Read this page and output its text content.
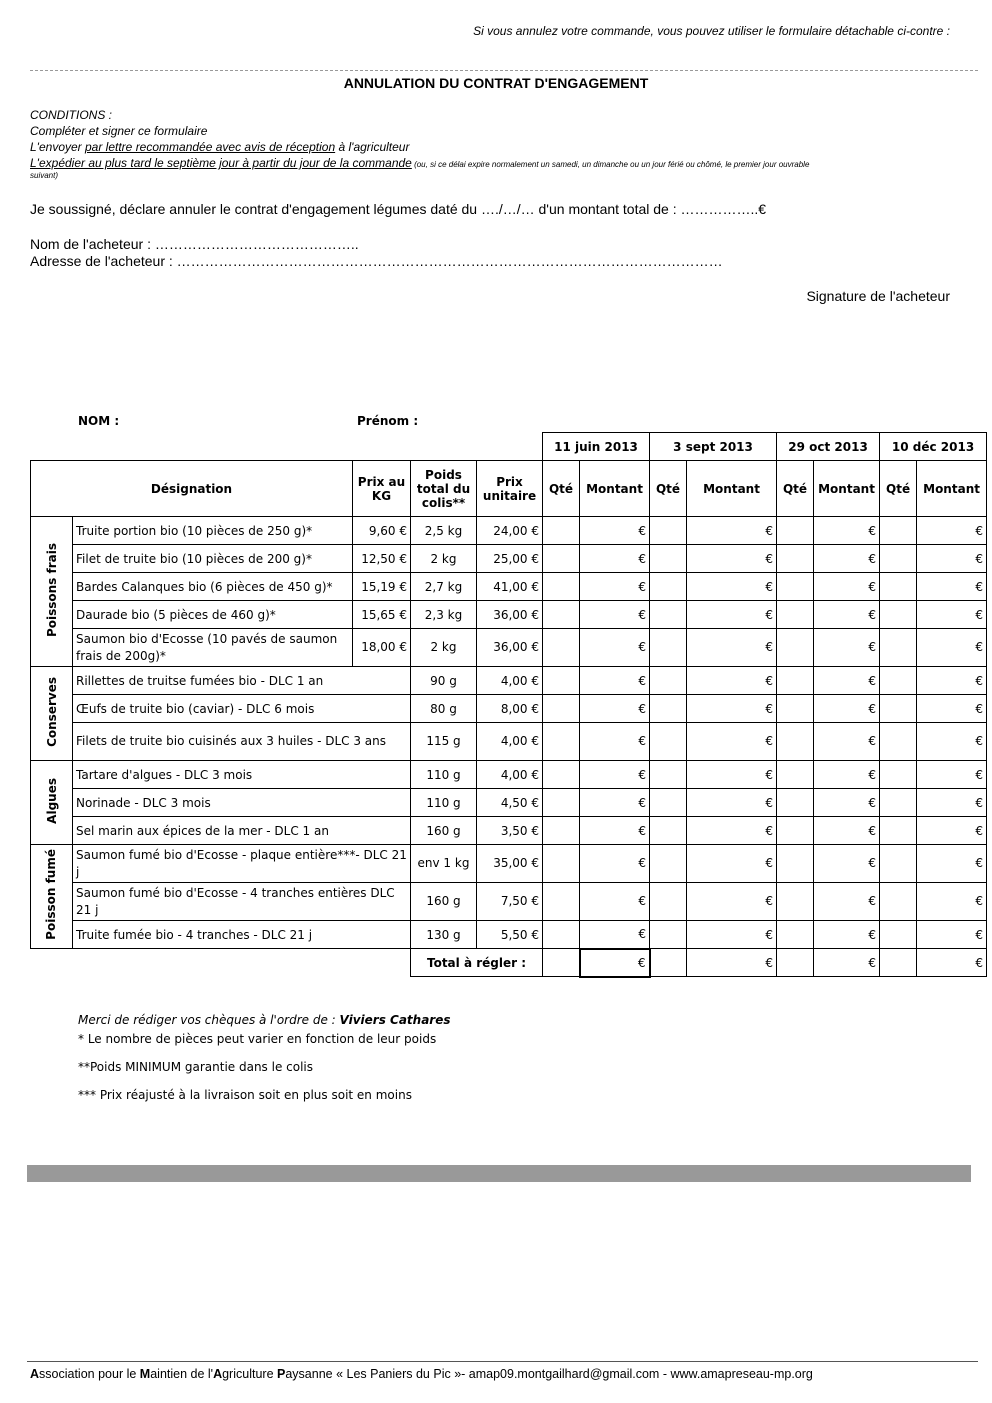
Si vous annulez votre commande, vous pouvez utiliser le formulaire détachable ci-contre :
ANNULATION DU CONTRAT D'ENGAGEMENT
CONDITIONS :
Compléter et signer ce formulaire
L'envoyer par lettre recommandée avec avis de réception à l'agriculteur
L'expédier au plus tard le septième jour à partir du jour de la commande (ou, si ce délai expire normalement un samedi, un dimanche ou un jour férié ou chômé, le premier jour ouvrable
suivant)
Je soussigné, déclare annuler le contrat d'engagement légumes daté du …./…/… d'un montant total de : ……………..€
Nom de l'acheteur : ……………………………………..
Adresse de l'acheteur : ………………………………………………………………………………………………………
Signature de l'acheteur
NOM :	Prénom :
					11 juin 2013		3 sept 2013		29 oct 2013		10 déc 2013	
Désignation		Prix au KG	Poids total du colis**	Prix unitaire	Qté	Montant	Qté	Montant	Qté	Montant	Qté	Montant
Poissons frais	Truite portion bio (10 pièces de 250 g)*	9,60 €	2,5 kg	24,00 €		€		€		€		€
	Filet de truite bio (10 pièces de 200 g)*	12,50 €	2 kg	25,00 €		€		€		€		€
	Bardes Calanques bio (6 pièces de 450 g)*	15,19 €	2,7 kg	41,00 €		€		€		€		€
	Daurade bio (5 pièces de 460 g)*	15,65 €	2,3 kg	36,00 €		€		€		€		€
	Saumon bio d'Ecosse (10 pavés de saumon frais de 200g)*	18,00 €	2 kg	36,00 €		€		€		€		€
Conserves	Rillettes de truitse fumées bio - DLC 1 an		90 g	4,00 €		€		€		€		€
	Œufs de truite bio (caviar) - DLC 6 mois		80 g	8,00 €		€		€		€		€
	Filets de truite bio cuisinés aux 3 huiles - DLC 3 ans		115 g	4,00 €		€		€		€		€
Algues	Tartare d'algues - DLC 3 mois		110 g	4,00 €		€		€		€		€
	Norinade - DLC 3 mois		110 g	4,50 €		€		€		€		€
	Sel marin aux épices de la mer - DLC 1 an		160 g	3,50 €		€		€		€		€
Poisson fumé	Saumon fumé bio d'Ecosse - plaque entière***- DLC 21 j		env 1 kg	35,00 €		€		€		€		€
	Saumon fumé bio d'Ecosse - 4 tranches entières DLC 21 j		160 g	7,50 €		€		€		€		€
	Truite fumée bio - 4 tranches - DLC 21 j		130 g	5,50 €		€		€		€		€
			Total à régler :			€		€		€		€
Merci de rédiger vos chèques à l'ordre de : Viviers Cathares
* Le nombre de pièces peut varier en fonction de leur poids
**Poids MINIMUM garantie dans le colis
*** Prix réajusté à la livraison soit en plus soit en moins
Association pour le Maintien de l'Agriculture Paysanne « Les Paniers du Pic »- amap09.montgailhard@gmail.com - www.amapreseau-mp.org
